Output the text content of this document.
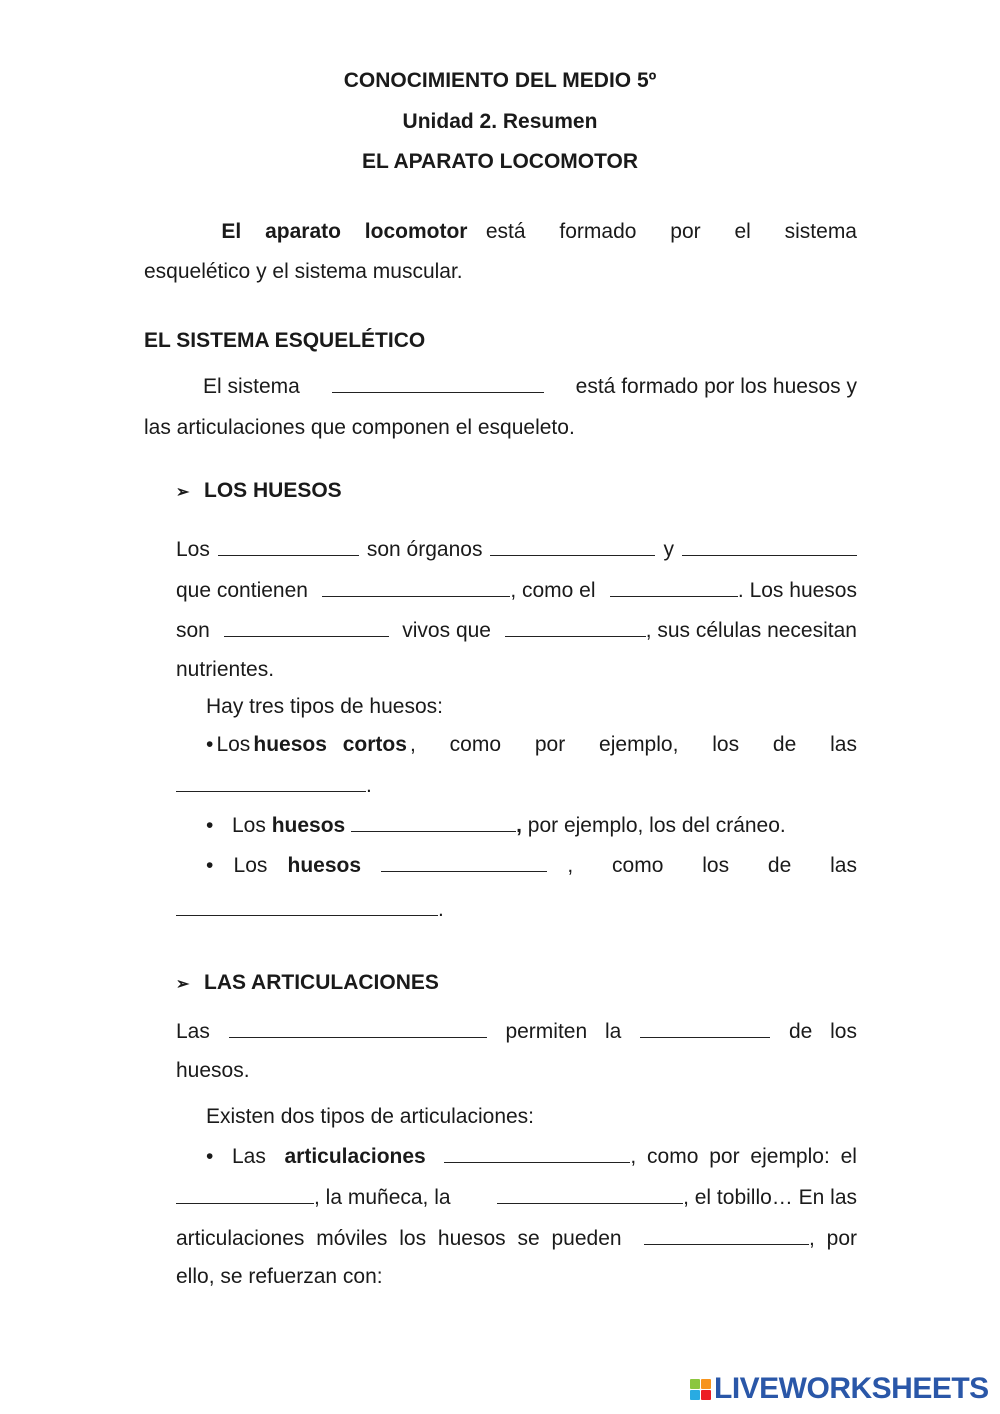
CONOCIMIENTO DEL MEDIO 5º
Unidad 2. Resumen
EL APARATO LOCOMOTOR
El aparato locomotor está formado por el sistema
esquelético y el sistema muscular.
EL SISTEMA ESQUELÉTICO
El sistema	está formado por los huesos y
las articulaciones que componen el esqueleto.
➢ LOS HUESOS
Los	son órganos	y
que contienen	, como el	. Los huesos
son	vivos que	, sus células necesitan
nutrientes.
Hay tres tipos de huesos:
• Los huesos cortos , como por ejemplo, los de las
.
• Los huesos	, por ejemplo, los del cráneo.
• Los huesos	, como los de las
.
➢ LAS ARTICULACIONES
Las	permiten la	de los
huesos.
Existen dos tipos de articulaciones:
• Las articulaciones	, como por ejemplo: el
, la muñeca, la	, el tobillo… En las
articulaciones móviles los huesos se pueden	, por
ello, se refuerzan con:
LIVEWORKSHEETS
